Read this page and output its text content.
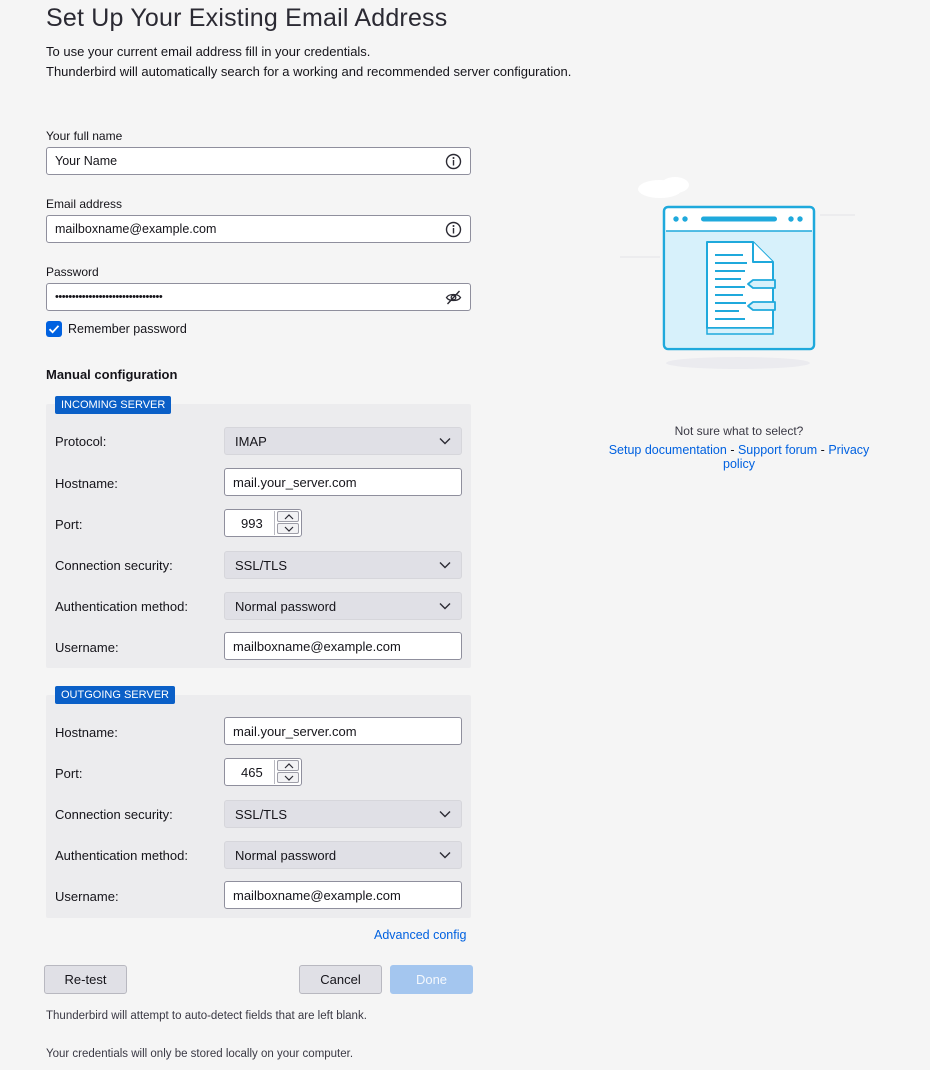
Set Up Your Existing Email Address
To use your current email address fill in your credentials.
Thunderbird will automatically search for a working and recommended server configuration.
Your full name
Your Name
Email address
mailboxname@example.com
Password
••••••••••••••••••••••••••••••••
Remember password
Manual configuration
INCOMING SERVER
Protocol:	IMAP
Hostname:	mail.your_server.com
Port:	993
Connection security:	SSL/TLS
Authentication method:	Normal password
Username:	mailboxname@example.com
OUTGOING SERVER
Hostname:	mail.your_server.com
Port:	465
Connection security:	SSL/TLS
Authentication method:	Normal password
Username:	mailboxname@example.com
Advanced config
Re-test	Cancel	Done
Thunderbird will attempt to auto-detect fields that are left blank.
Your credentials will only be stored locally on your computer.
Not sure what to select?
Setup documentation - Support forum - Privacy policy
